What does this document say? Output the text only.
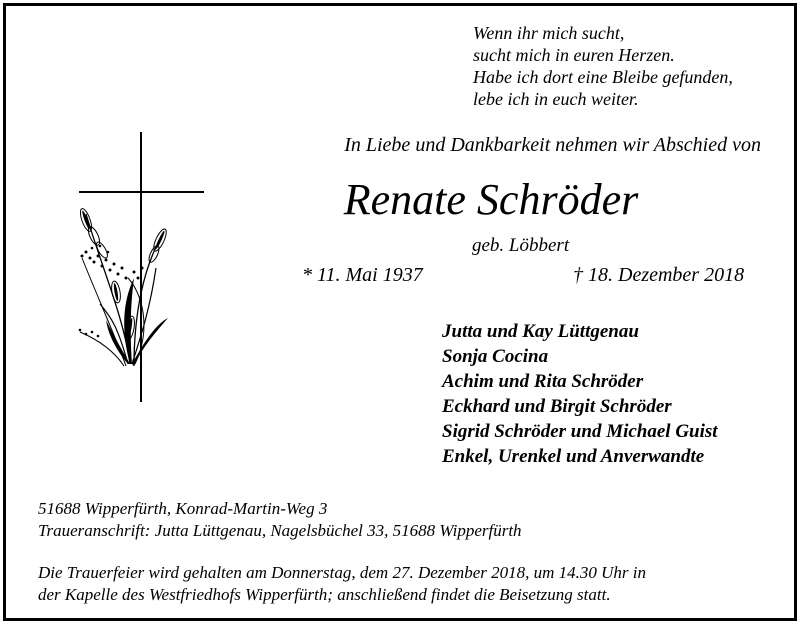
Wenn ihr mich sucht,
sucht mich in euren Herzen.
Habe ich dort eine Bleibe gefunden,
lebe ich in euch weiter.
In Liebe und Dankbarkeit nehmen wir Abschied von
Renate Schröder
geb. Löbbert
* 11. Mai 1937	† 18. Dezember 2018
Jutta und Kay Lüttgenau
Sonja Cocina
Achim und Rita Schröder
Eckhard und Birgit Schröder
Sigrid Schröder und Michael Guist
Enkel, Urenkel und Anverwandte
51688 Wipperfürth, Konrad-Martin-Weg 3
Traueranschrift: Jutta Lüttgenau, Nagelsbüchel 33, 51688 Wipperfürth
Die Trauerfeier wird gehalten am Donnerstag, dem 27. Dezember 2018, um 14.30 Uhr in
der Kapelle des Westfriedhofs Wipperfürth; anschließend findet die Beisetzung statt.
